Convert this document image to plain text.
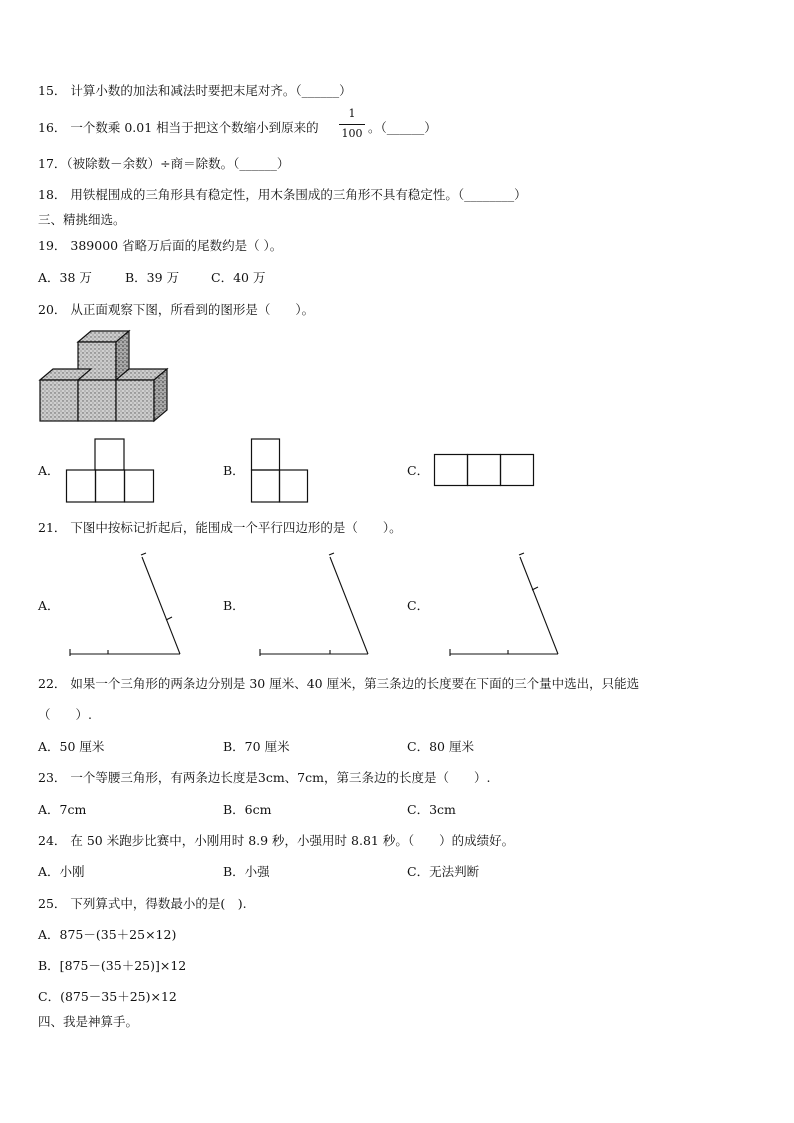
15． 计算小数的加法和减法时要把末尾对齐。（______）
16． 一个数乘 0.01 相当于把这个数缩小到原来的
1
100 。（______）
17．（被除数－余数）÷商＝除数。（______）
18． 用铁棍围成的三角形具有稳定性，用木条围成的三角形不具有稳定性。（________）
三、精挑细选。
19． 389000 省略万后面的尾数约是（ ）。
A．38 万	B．39 万	C．40 万
20． 从正面观察下图，所看到的图形是（　　）。
A．	B．	C．
21． 下图中按标记折起后，能围成一个平行四边形的是（　　）。
A．	B．	C．
22． 如果一个三角形的两条边分别是 30 厘米、40 厘米，第三条边的长度要在下面的三个量中选出，只能选
（　　）.
A．50 厘米	B．70 厘米	C．80 厘米
23． 一个等腰三角形，有两条边长度是3cm、7cm，第三条边的长度是（　　）.
A．7cm	B．6cm	C．3cm
24． 在 50 米跑步比赛中，小刚用时 8.9 秒，小强用时 8.81 秒。（　　）的成绩好。
A．小刚	B．小强	C．无法判断
25． 下列算式中，得数最小的是(　).
A．875－(35＋25×12)
B．[875－(35＋25)]×12
C．(875－35＋25)×12
四、我是神算手。
